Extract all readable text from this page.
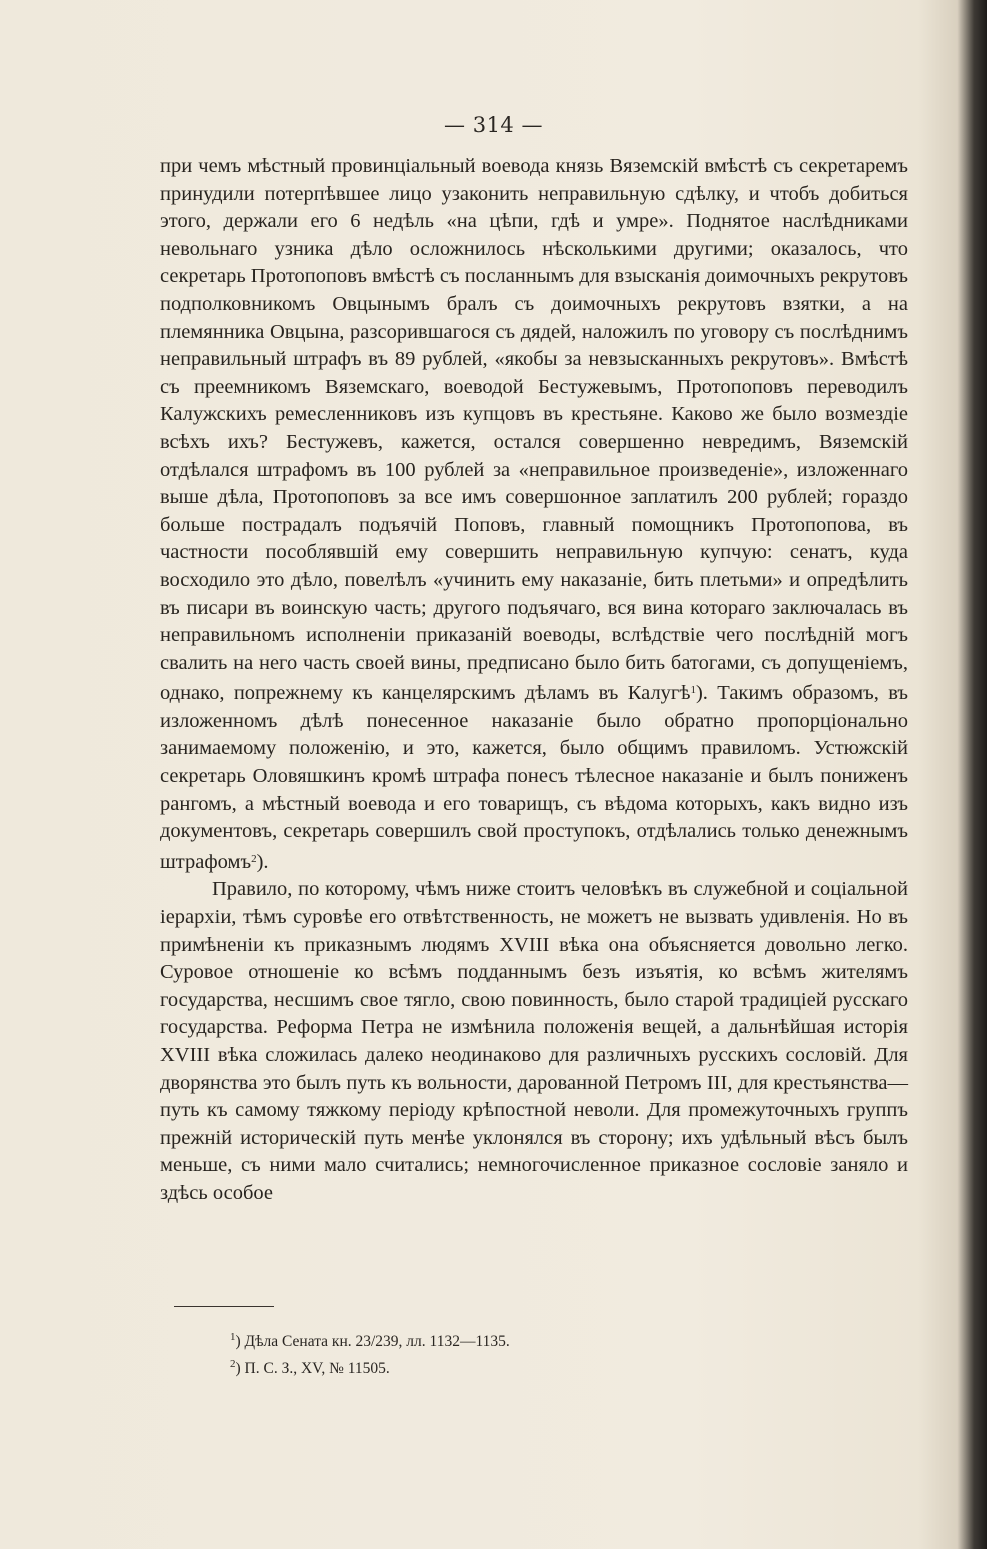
— 314 —

при чемъ мѣстный провинціальный воевода князь Вяземскій вмѣстѣ съ секретаремъ принудили потерпѣвшее лицо узаконить неправильную сдѣлку, и чтобъ добиться этого, держали его 6 недѣль «на цѣпи, гдѣ и умре». Поднятое наслѣдниками невольнаго узника дѣло осложнилось нѣсколькими другими; оказалось, что секретарь Протопоповъ вмѣстѣ съ посланнымъ для взысканія доимочныхъ рекрутовъ подполковникомъ Овцынымъ бралъ съ доимочныхъ рекрутовъ взятки, а на племянника Овцына, разсорившагося съ дядей, наложилъ по уговору съ послѣднимъ неправильный штрафъ въ 89 рублей, «якобы за невзысканныхъ рекрутовъ». Вмѣстѣ съ преемникомъ Вяземскаго, воеводой Бестужевымъ, Протопоповъ переводилъ Калужскихъ ремесленниковъ изъ купцовъ въ крестьяне. Каково же было возмездіе всѣхъ ихъ? Бестужевъ, кажется, остался совершенно невредимъ, Вяземскій отдѣлался штрафомъ въ 100 рублей за «неправильное произведеніе», изложеннаго выше дѣла, Протопоповъ за все имъ совершонное заплатилъ 200 рублей; гораздо больше пострадалъ подъячій Поповъ, главный помощникъ Протопопова, въ частности пособлявшій ему совершить неправильную купчую: сенатъ, куда восходило это дѣло, повелѣлъ «учинить ему наказаніе, бить плетьми» и опредѣлить въ писари въ воинскую часть; другого подъячаго, вся вина котораго заключалась въ неправильномъ исполненіи приказаній воеводы, вслѣдствіе чего послѣдній могъ свалить на него часть своей вины, предписано было бить батогами, съ допущеніемъ, однако, попрежнему къ канцелярскимъ дѣламъ въ Калугѣ$^1$). Такимъ образомъ, въ изложенномъ дѣлѣ понесенное наказаніе было обратно пропорціонально занимаемому положенію, и это, кажется, было общимъ правиломъ. Устюжскій секретарь Оловяшкинъ кромѣ штрафа понесъ тѣлесное наказаніе и былъ пониженъ рангомъ, а мѣстный воевода и его товарищъ, съ вѣдома которыхъ, какъ видно изъ документовъ, секретарь совершилъ свой проступокъ, отдѣлались только денежнымъ штрафомъ$^2$).

Правило, по которому, чѣмъ ниже стоитъ человѣкъ въ служебной и соціальной іерархіи, тѣмъ суровѣе его отвѣтственность, не можетъ не вызвать удивленія. Но въ примѣненіи къ приказнымъ людямъ XVIII вѣка она объясняется довольно легко. Суровое отношеніе ко всѣмъ подданнымъ безъ изъятія, ко всѣмъ жителямъ государства, несшимъ свое тягло, свою повинность, было старой традиціей русскаго государства. Реформа Петра не измѣнила положенія вещей, а дальнѣйшая исторія XVIII вѣка сложилась далеко неодинаково для различныхъ русскихъ сословій. Для дворянства это былъ путь къ вольности, дарованной Петромъ III, для крестьянства—путь къ самому тяжкому періоду крѣпостной неволи. Для промежуточныхъ группъ прежній историческій путь менѣе уклонялся въ сторону; ихъ удѣльный вѣсъ былъ меньше, съ ними мало считались; немногочисленное приказное сословіе заняло и здѣсь особое

$^1$) Дѣла Сената кн. 23/239, лл. 1132—1135.
$^2$) П. С. З., XV, № 11505.
